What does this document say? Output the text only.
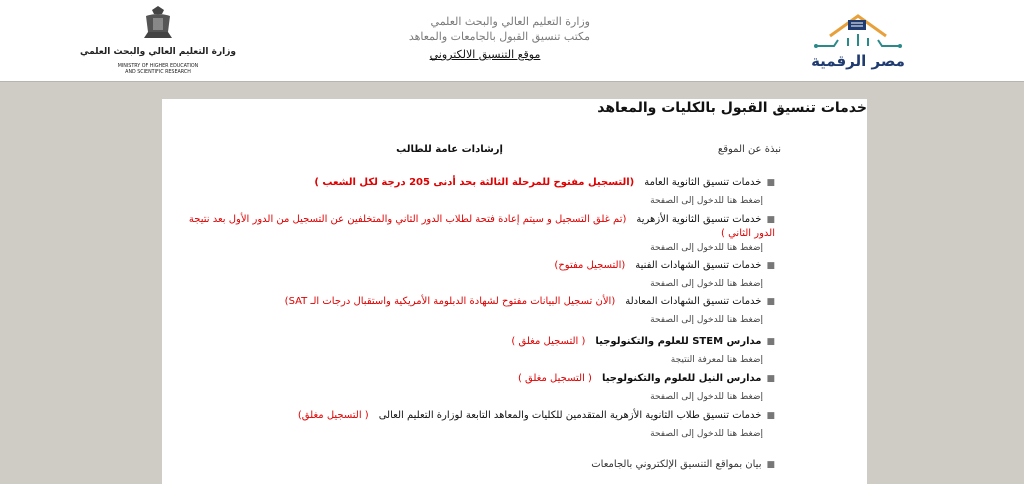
وزارة التعليم العالي والبحث العلمي
MINISTRY OF HIGHER EDUCATION
AND SCIENTIFIC RESEARCH
وزارة التعليم العالي والبحث العلمي
مكتب تنسيق القبول بالجامعات والمعاهد
موقع التنسيق الالكتروني	مصر الرقمية
خدمات تنسيق القبول بالكليات والمعاهد
نبذة عن الموقع
إرشادات عامة للطالب
■خدمات تنسيق الثانوية العامة(التسجيل مفتوح للمرحلة الثالثة بحد أدنى 205 درجة لكل الشعب )
إضغط هنا للدخول إلى الصفحة
■خدمات تنسيق الثانوية الأزهرية(تم غلق التسجيل و سيتم إعادة فتحة لطلاب الدور الثاني والمتخلفين عن التسجيل من الدور الأول بعد نتيجة الدور الثاني )
إضغط هنا للدخول إلى الصفحة
■خدمات تنسيق الشهادات الفنية(التسجيل مفتوح)
إضغط هنا للدخول إلى الصفحة
■خدمات تنسيق الشهادات المعادلة(الأن تسجيل البيانات مفتوح لشهادة الدبلومة الأمريكية واستقبال درجات الـ SAT)
إضغط هنا للدخول إلى الصفحة
■مدارس STEM للعلوم والتكنولوجيا( التسجيل مغلق )
إضغط هنا لمعرفة النتيجة
■مدارس النيل للعلوم والتكنولوجيا( التسجيل مغلق )
إضغط هنا للدخول إلى الصفحة
■خدمات تنسيق طلاب الثانوية الأزهرية المتقدمين للكليات والمعاهد التابعة لوزارة التعليم العالى( التسجيل مغلق)
إضغط هنا للدخول إلى الصفحة
■بيان بمواقع التنسيق الإلكتروني بالجامعات
